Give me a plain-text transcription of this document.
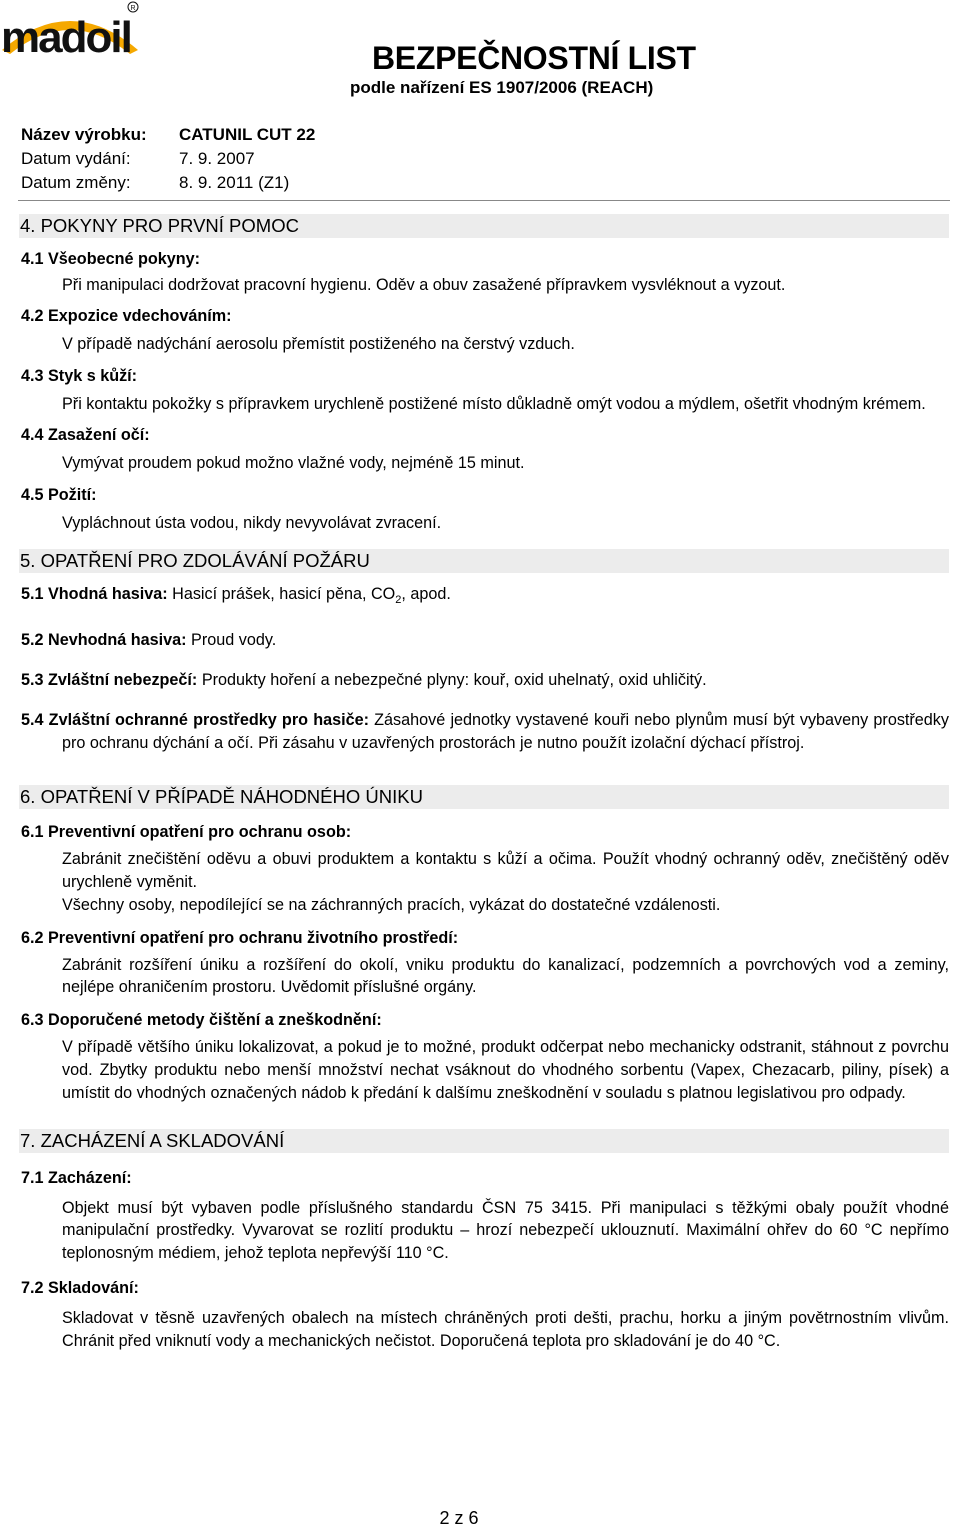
madoil
R
BEZPEČNOSTNÍ LIST
podle nařízení ES 1907/2006 (REACH)
Název výrobku:	CATUNIL CUT 22
Datum vydání:	7. 9. 2007
Datum změny:	8. 9. 2011 (Z1)
4. POKYNY PRO PRVNÍ POMOC
4.1 Všeobecné pokyny:
Při manipulaci dodržovat pracovní hygienu. Oděv a obuv zasažené přípravkem vysvléknout a vyzout.
4.2 Expozice vdechováním:
V případě nadýchání aerosolu přemístit postiženého na čerstvý vzduch.
4.3 Styk s kůží:
Při kontaktu pokožky s přípravkem urychleně postižené místo důkladně omýt vodou a mýdlem, ošetřit vhodným krémem.
4.4 Zasažení očí:
Vymývat proudem pokud možno vlažné vody, nejméně 15 minut.
4.5 Požití:
Vypláchnout ústa vodou, nikdy nevyvolávat zvracení.
5. OPATŘENÍ PRO ZDOLÁVÁNÍ POŽÁRU
5.1 Vhodná hasiva: Hasicí prášek, hasicí pěna, $CO_2$, apod.
5.2 Nevhodná hasiva: Proud vody.
5.3 Zvláštní nebezpečí: Produkty hoření a nebezpečné plyny: kouř, oxid uhelnatý, oxid uhličitý.
5.4 Zvláštní ochranné prostředky pro hasiče: Zásahové jednotky vystavené kouři nebo plynům musí být vybaveny prostředky pro ochranu dýchání a očí. Při zásahu v uzavřených prostorách je nutno použít izolační dýchací přístroj.
6. OPATŘENÍ V PŘÍPADĚ NÁHODNÉHO ÚNIKU
6.1 Preventivní opatření pro ochranu osob:
Zabránit znečištění oděvu a obuvi produktem a kontaktu s kůží a očima. Použít vhodný ochranný oděv, znečištěný oděv urychleně vyměnit.
Všechny osoby, nepodílející se na záchranných pracích, vykázat do dostatečné vzdálenosti.
6.2 Preventivní opatření pro ochranu životního prostředí:
Zabránit rozšíření úniku a rozšíření do okolí, vniku produktu do kanalizací, podzemních a povrchových vod a zeminy, nejlépe ohraničením prostoru. Uvědomit příslušné orgány.
6.3 Doporučené metody čištění a zneškodnění:
V případě většího úniku lokalizovat, a pokud je to možné, produkt odčerpat nebo mechanicky odstranit, stáhnout z povrchu vod. Zbytky produktu nebo menší množství nechat vsáknout do vhodného sorbentu (Vapex, Chezacarb, piliny, písek) a umístit do vhodných označených nádob k předání k dalšímu zneškodnění v souladu s platnou legislativou pro odpady.
7. ZACHÁZENÍ A SKLADOVÁNÍ
7.1 Zacházení:
Objekt musí být vybaven podle příslušného standardu ČSN 75 3415. Při manipulaci s těžkými obaly použít vhodné manipulační prostředky. Vyvarovat se rozlití produktu – hrozí nebezpečí uklouznutí. Maximální ohřev do 60 °C nepřímo teplonosným médiem, jehož teplota nepřevýší 110 °C.
7.2 Skladování:
Skladovat v těsně uzavřených obalech na místech chráněných proti dešti, prachu, horku a jiným povětrnostním vlivům. Chránit před vniknutí vody a mechanických nečistot. Doporučená teplota pro skladování je do 40 °C.
2 z 6
